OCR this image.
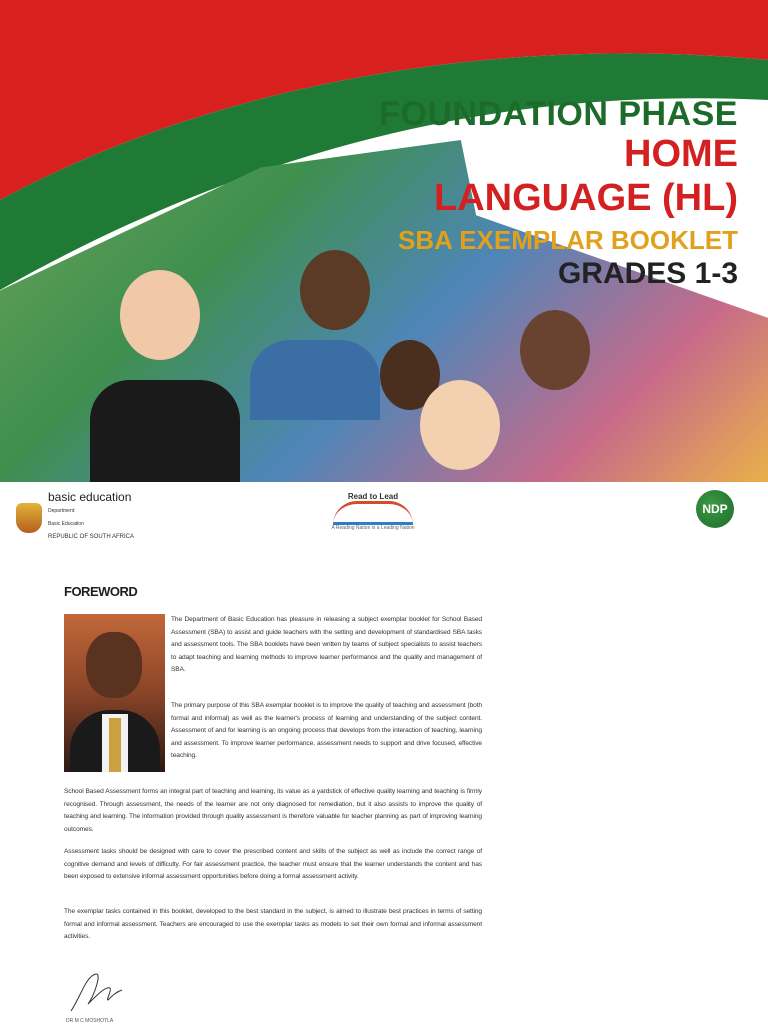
FOUNDATION PHASE
HOME
LANGUAGE (HL)
SBA EXEMPLAR BOOKLET
GRADES 1-3
basic education
Department:
Basic Education
REPUBLIC OF SOUTH AFRICA
Read to Lead
A Reading Nation is a Leading Nation
NDP
FOREWORD

The Department of Basic Education has pleasure in releasing a subject exemplar booklet for School Based Assessment (SBA) to assist and guide teachers with the setting and development of standardised SBA tasks and assessment tools. The SBA booklets have been written by teams of subject specialists to assist teachers to adapt teaching and learning methods to improve learner performance and the quality and management of SBA.

The primary purpose of this SBA exemplar booklet is to improve the quality of teaching and assessment (both formal and informal) as well as the learner's process of learning and understanding of the subject content. Assessment of and for learning is an ongoing process that develops from the interaction of teaching, learning and assessment. To improve learner performance, assessment needs to support and drive focused, effective teaching.

School Based Assessment forms an integral part of teaching and learning, its value as a yardstick of effective quality learning and teaching is firmly recognised. Through assessment, the needs of the learner are not only diagnosed for remediation, but it also assists to improve the quality of teaching and learning. The information provided through quality assessment is therefore valuable for teacher planning as part of improving learning outcomes.

Assessment tasks should be designed with care to cover the prescribed content and skills of the subject as well as include the correct range of cognitive demand and levels of difficulty. For fair assessment practice, the teacher must ensure that the learner understands the content and has been exposed to extensive informal assessment opportunities before doing a formal assessment activity.

The exemplar tasks contained in this booklet, developed to the best standard in the subject, is aimed to illustrate best practices in terms of setting formal and informal assessment. Teachers are encouraged to use the exemplar tasks as models to set their own formal and informal assessment activities.

DR M C MOSHOTLA
